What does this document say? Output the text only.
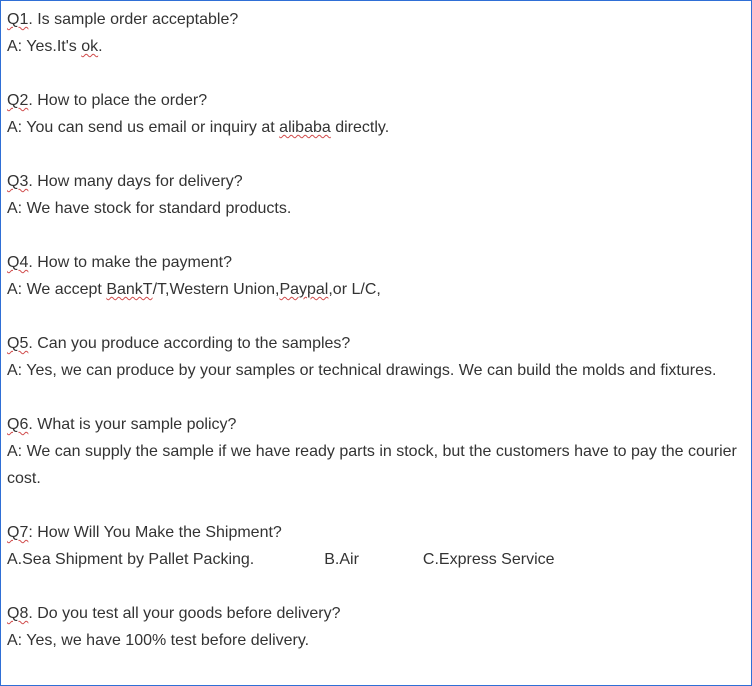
Q1. Is sample order acceptable?
A: Yes.It's ok.
Q2. How to place the order?
A: You can send us email or inquiry at alibaba directly.
Q3. How many days for delivery?
A: We have stock for standard products.
Q4. How to make the payment?
A: We accept BankT/T,Western Union,Paypal,or L/C,
Q5. Can you produce according to the samples?
A: Yes, we can produce by your samples or technical drawings. We can build the molds and fixtures.
Q6. What is your sample policy?
A: We can supply the sample if we have ready parts in stock, but the customers have to pay the courier cost.
Q7: How Will You Make the Shipment?
A.Sea Shipment by Pallet Packing.	B.Air	C.Express Service
Q8. Do you test all your goods before delivery?
A: Yes, we have 100% test before delivery.
